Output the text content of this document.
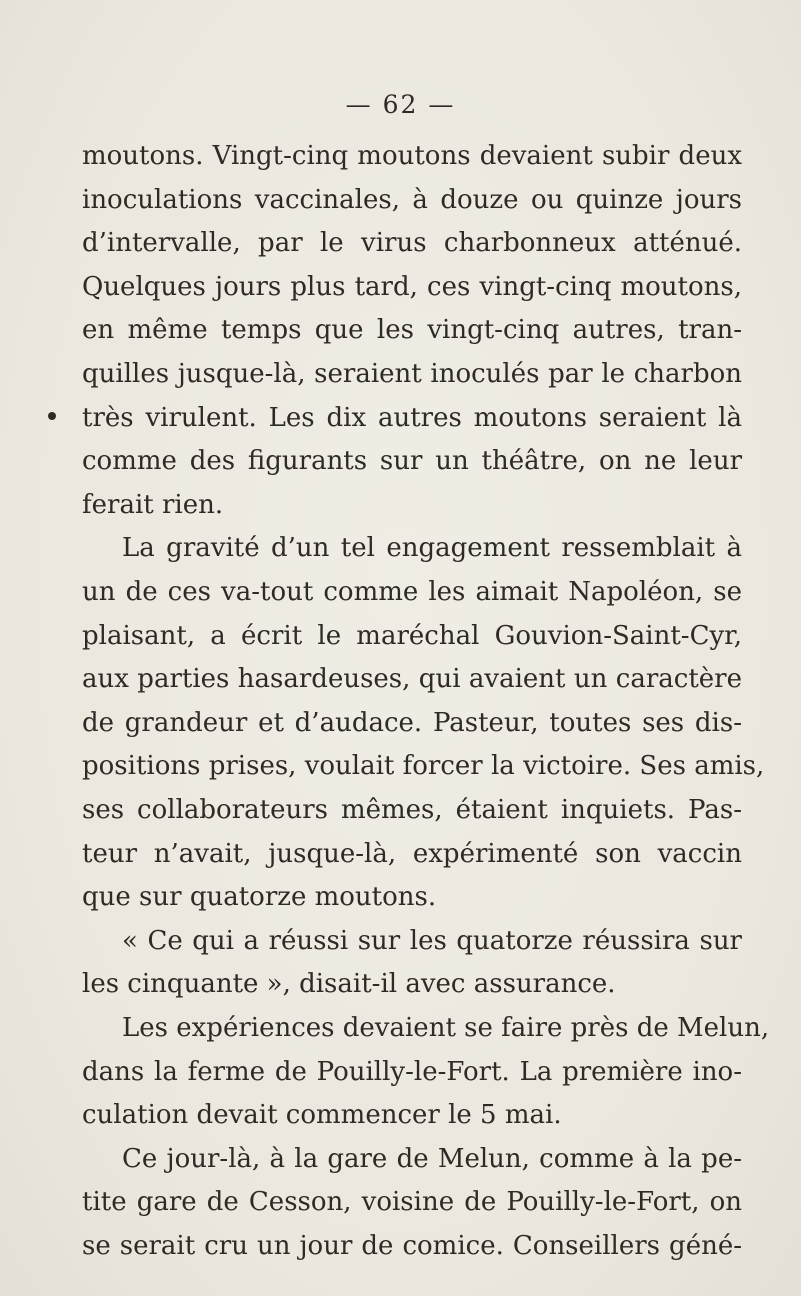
— 62 —
moutons. Vingt-cinq moutons devaient subir deux
inoculations vaccinales, à douze ou quinze jours
d’intervalle, par le virus charbonneux atténué.
Quelques jours plus tard, ces vingt-cinq moutons,
en même temps que les vingt-cinq autres, tran-
quilles jusque-là, seraient inoculés par le charbon
très virulent. Les dix autres moutons seraient là
comme des figurants sur un théâtre, on ne leur
ferait rien.
La gravité d’un tel engagement ressemblait à
un de ces va-tout comme les aimait Napoléon, se
plaisant, a écrit le maréchal Gouvion-Saint-Cyr,
aux parties hasardeuses, qui avaient un caractère
de grandeur et d’audace. Pasteur, toutes ses dis-
positions prises, voulait forcer la victoire. Ses amis,
ses collaborateurs mêmes, étaient inquiets. Pas-
teur n’avait, jusque-là, expérimenté son vaccin
que sur quatorze moutons.
« Ce qui a réussi sur les quatorze réussira sur
les cinquante », disait-il avec assurance.
Les expériences devaient se faire près de Melun,
dans la ferme de Pouilly-le-Fort. La première ino-
culation devait commencer le 5 mai.
Ce jour-là, à la gare de Melun, comme à la pe-
tite gare de Cesson, voisine de Pouilly-le-Fort, on
se serait cru un jour de comice. Conseillers géné-
